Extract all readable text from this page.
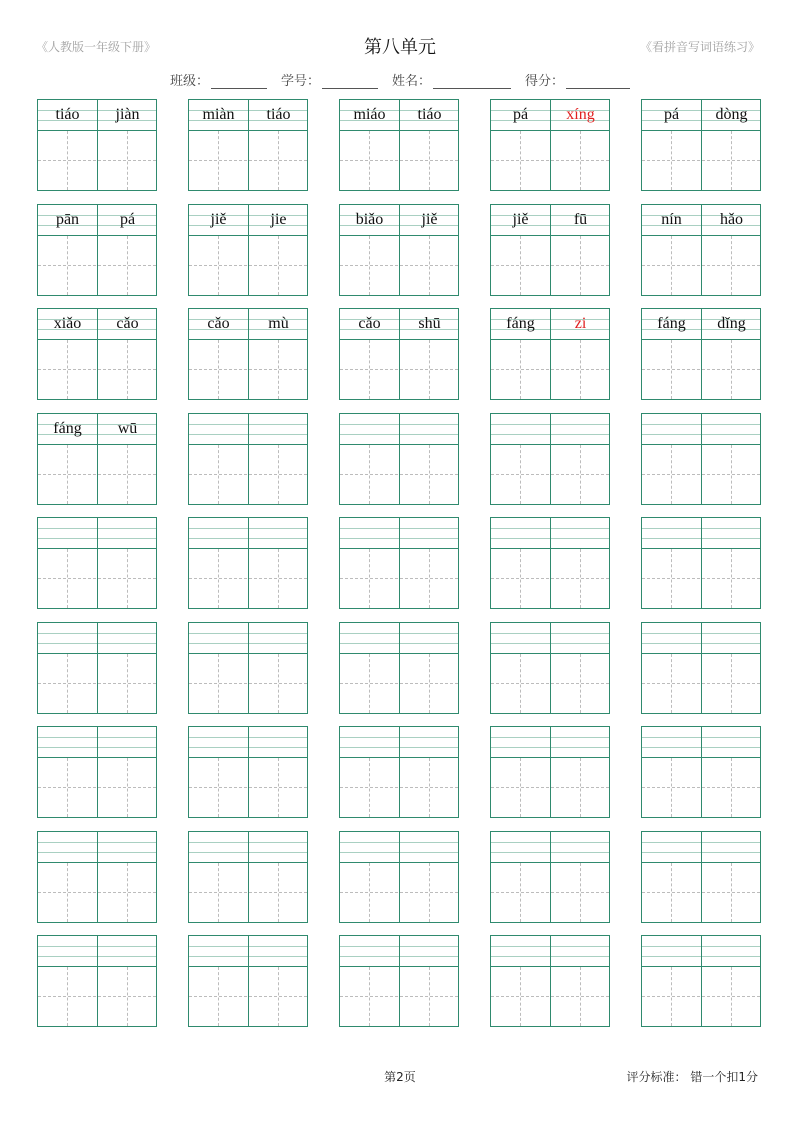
《人教版一年级下册》	第八单元	《看拼音写词语练习》
班级：	学号：	姓名：	得分：
tiáo	jiàn	miàn	tiáo	miáo	tiáo	pá	xíng	pá	dòng
pān	pá	jiě	jie	biǎo	jiě	jiě	fū	nín	hǎo
xiǎo	cǎo	cǎo	mù	cǎo	shū	fáng	zi	fáng	dǐng
fáng	wū
第2页	评分标准： 错一个扣1分
